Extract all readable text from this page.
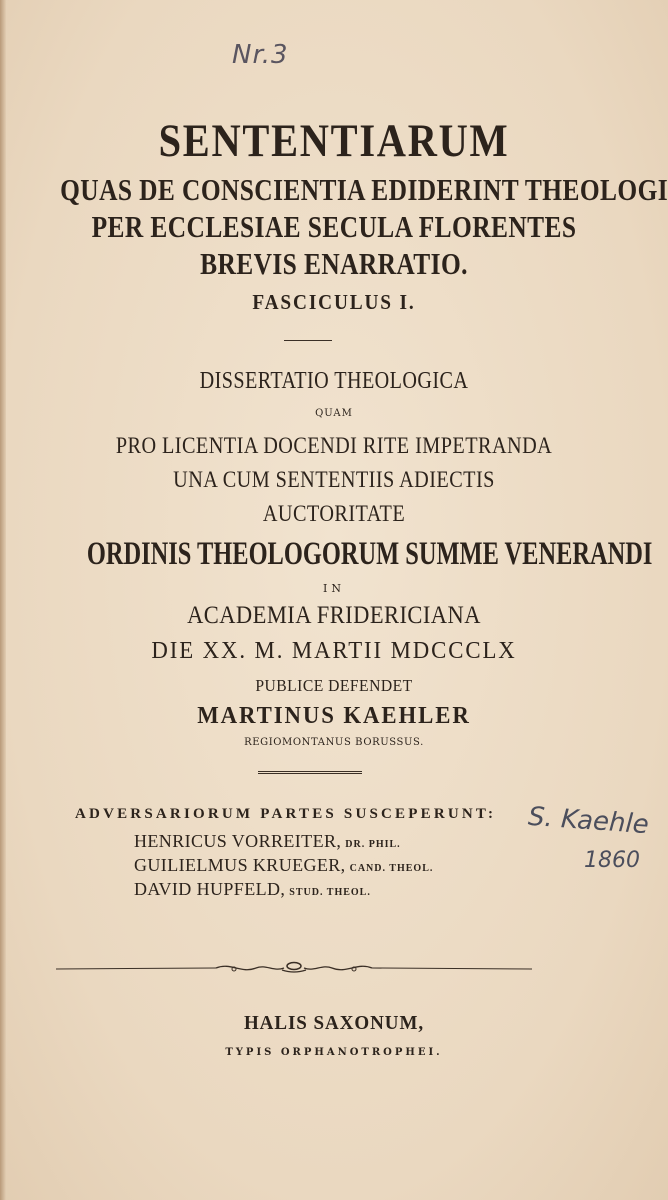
Nr.3
SENTENTIARUM
QUAS DE CONSCIENTIA EDIDERINT THEOLOGI
PER ECCLESIAE SECULA FLORENTES
BREVIS ENARRATIO.
FASCICULUS I.
DISSERTATIO THEOLOGICA
QUAM
PRO LICENTIA DOCENDI RITE IMPETRANDA
UNA CUM SENTENTIIS ADIECTIS
AUCTORITATE
ORDINIS THEOLOGORUM SUMME VENERANDI
IN
ACADEMIA FRIDERICIANA
DIE XX. M. MARTII MDCCCLX
PUBLICE DEFENDET
MARTINUS KAEHLER
REGIOMONTANUS BORUSSUS.
ADVERSARIORUM PARTES SUSCEPERUNT:
HENRICUS VORREITER, DR. PHIL.
GUILIELMUS KRUEGER, CAND. THEOL.
DAVID HUPFELD, STUD. THEOL.
S. Kaehle
1860
HALIS SAXONUM,
TYPIS ORPHANOTROPHEI.
